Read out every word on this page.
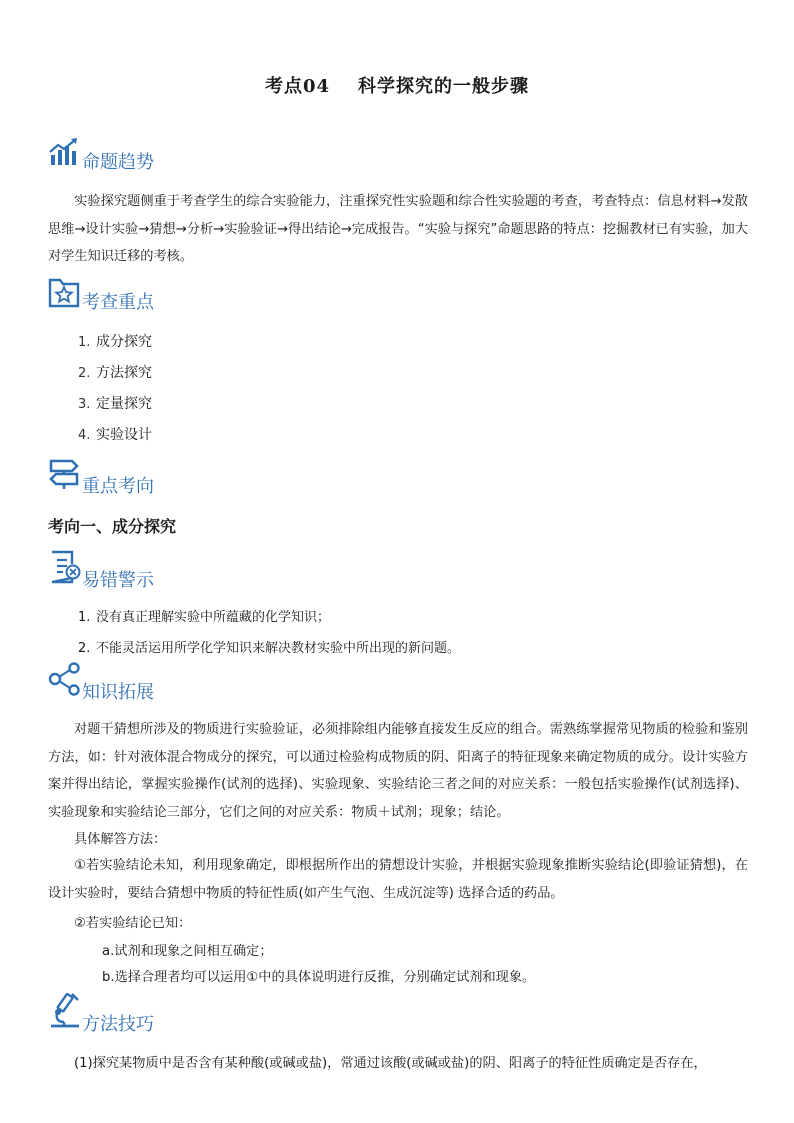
考点04 科学探究的一般步骤
命题趋势
实验探究题侧重于考查学生的综合实验能力，注重探究性实验题和综合性实验题的考查，考查特点：信息材料→发散思维→设计实验→猜想→分析→实验验证→得出结论→完成报告。“实验与探究”命题思路的特点：挖掘教材已有实验，加大对学生知识迁移的考核。
考查重点
1. 成分探究
2. 方法探究
3. 定量探究
4. 实验设计
重点考向
考向一、成分探究
易错警示
1. 没有真正理解实验中所蕴藏的化学知识；
2. 不能灵活运用所学化学知识来解决教材实验中所出现的新问题。
知识拓展
对题干猜想所涉及的物质进行实验验证，必须排除组内能够直接发生反应的组合。需熟练掌握常见物质的检验和鉴别方法，如：针对液体混合物成分的探究，可以通过检验构成物质的阴、阳离子的特征现象来确定物质的成分。设计实验方案并得出结论，掌握实验操作(试剂的选择)、实验现象、实验结论三者之间的对应关系：一般包括实验操作(试剂选择)、实验现象和实验结论三部分，它们之间的对应关系：物质＋试剂；现象；结论。
具体解答方法：
①若实验结论未知，利用现象确定，即根据所作出的猜想设计实验，并根据实验现象推断实验结论(即验证猜想)，在设计实验时，要结合猜想中物质的特征性质(如产生气泡、生成沉淀等) 选择合适的药品。
②若实验结论已知：
a.试剂和现象之间相互确定；
b.选择合理者均可以运用①中的具体说明进行反推，分别确定试剂和现象。
方法技巧
(1)探究某物质中是否含有某种酸(或碱或盐)，常通过该酸(或碱或盐)的阴、阳离子的特征性质确定是否存在，
